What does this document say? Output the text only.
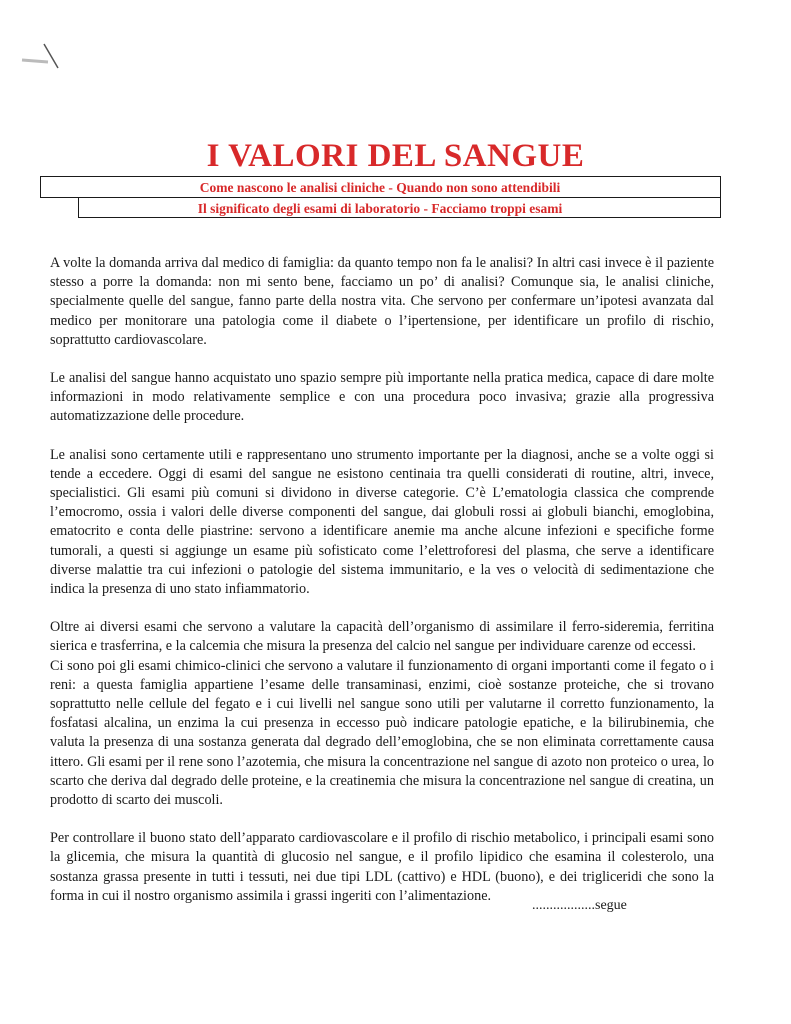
I VALORI DEL SANGUE
Come nascono le analisi cliniche - Quando non sono attendibili
Il significato degli esami di laboratorio - Facciamo troppi esami

A volte la domanda arriva dal medico di famiglia: da quanto tempo non fa le analisi? In altri casi invece è il paziente stesso a porre la domanda: non mi sento bene, facciamo un po’ di analisi? Comunque sia, le analisi cliniche, specialmente quelle del sangue, fanno parte della nostra vita. Che servono per confermare un’ipotesi avanzata dal medico per monitorare una patologia come il diabete o l’ipertensione, per identificare un profilo di rischio, soprattutto cardiovascolare.

Le analisi del sangue hanno acquistato uno spazio sempre più importante nella pratica medica, capace di dare molte informazioni in modo relativamente semplice e con una procedura poco invasiva; grazie alla progressiva automatizzazione delle procedure.

Le analisi sono certamente utili e rappresentano uno strumento importante per la diagnosi, anche se a volte oggi si tende a eccedere. Oggi di esami del sangue ne esistono centinaia tra quelli considerati di routine, altri, invece, specialistici. Gli esami più comuni si dividono in diverse categorie. C’è L’ematologia classica che comprende l’emocromo, ossia i valori delle diverse componenti del sangue, dai globuli rossi ai globuli bianchi, emoglobina, ematocrito e conta delle piastrine: servono a identificare anemie ma anche alcune infezioni e specifiche forme tumorali, a questi si aggiunge un esame più sofisticato come l’elettroforesi del plasma, che serve a identificare diverse malattie tra cui infezioni o patologie del sistema immunitario, e la ves o velocità di sedimentazione che indica la presenza di uno stato infiammatorio.

Oltre ai diversi esami che servono a valutare la capacità dell’organismo di assimilare il ferro-sideremia, ferritina sierica e trasferrina, e la calcemia che misura la presenza del calcio nel sangue per individuare carenze od eccessi.

Ci sono poi gli esami chimico-clinici che servono a valutare il funzionamento di organi importanti come il fegato o i reni: a questa famiglia appartiene l’esame delle transaminasi, enzimi, cioè sostanze proteiche, che si trovano soprattutto nelle cellule del fegato e i cui livelli nel sangue sono utili per valutarne il corretto funzionamento, la fosfatasi alcalina, un enzima la cui presenza in eccesso può indicare patologie epatiche, e la bilirubinemia, che valuta la presenza di una sostanza generata dal degrado dell’emoglobina, che se non eliminata correttamente causa ittero. Gli esami per il rene sono l’azotemia, che misura la concentrazione nel sangue di azoto non proteico o urea, lo scarto che deriva dal degrado delle proteine, e la creatinemia che misura la concentrazione nel sangue di creatina, un prodotto di scarto dei muscoli.

Per controllare il buono stato dell’apparato cardiovascolare e il profilo di rischio metabolico, i principali esami sono la glicemia, che misura la quantità di glucosio nel sangue, e il profilo lipidico che esamina il colesterolo, una sostanza grassa presente in tutti i tessuti, nei due tipi LDL (cattivo) e HDL (buono), e dei trigliceridi che sono la forma in cui il nostro organismo assimila i grassi ingeriti con l’alimentazione.

..................segue
